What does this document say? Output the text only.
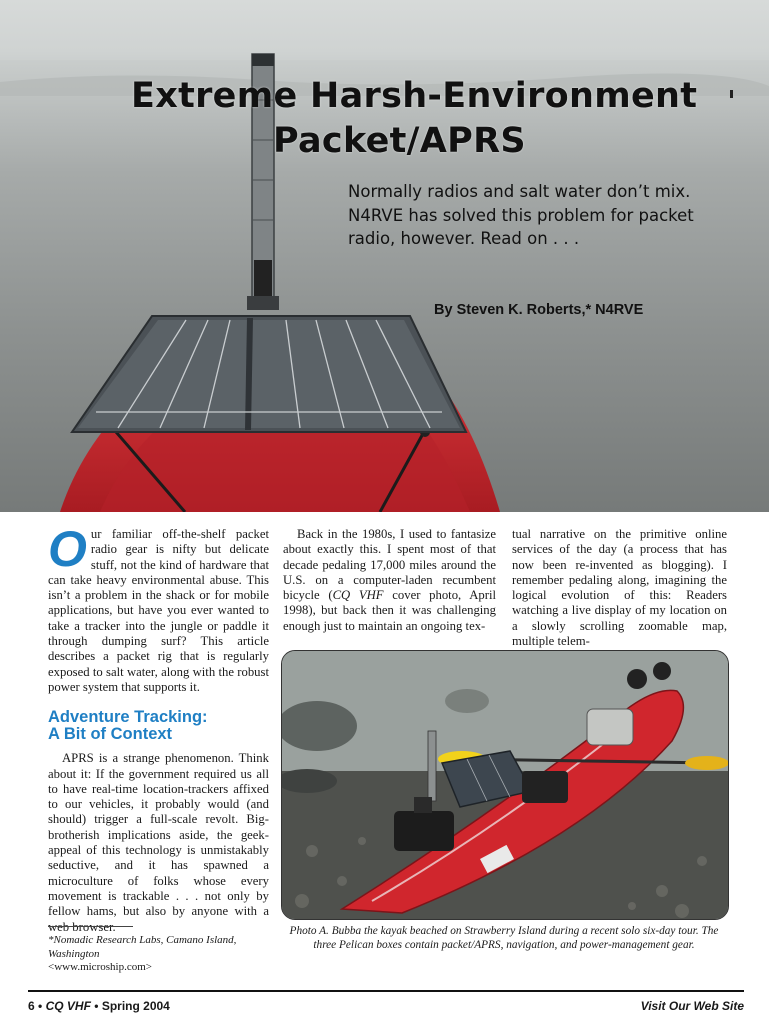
Extreme Harsh-Environment
Packet/APRS
Normally radios and salt water don’t mix.
N4RVE has solved this problem for packet
radio, however. Read on . . .
By Steven K. Roberts,* N4RVE

Our familiar off-the-shelf packet radio gear is nifty but delicate stuff, not the kind of hardware that can take heavy environmental abuse. This isn’t a problem in the shack or for mobile applications, but have you ever wanted to take a tracker into the jungle or paddle it through dumping surf? This article describes a packet rig that is regularly exposed to salt water, along with the robust power system that supports it.

Adventure Tracking:
A Bit of Context

APRS is a strange phenomenon. Think about it: If the government required us all to have real-time location-trackers affixed to our vehicles, it probably would (and should) trigger a full-scale revolt. Big-brotherish implications aside, the geek-appeal of this technology is unmistakably seductive, and it has spawned a microculture of folks whose every movement is trackable . . . not only by fellow hams, but also by anyone with a web browser.

Back in the 1980s, I used to fantasize about exactly this. I spent most of that decade pedaling 17,000 miles around the U.S. on a computer-laden recumbent bicycle (CQ VHF cover photo, April 1998), but back then it was challenging enough just to maintain an ongoing tex-

tual narrative on the primitive online services of the day (a process that has now been re-invented as blogging). I remember pedaling along, imagining the logical evolution of this: Readers watching a live display of my location on a slowly scrolling zoomable map, multiple telem-

Photo A. Bubba the kayak beached on Strawberry Island during a recent solo six-day tour. The three Pelican boxes contain packet/APRS, navigation, and power-management gear.
*Nomadic Research Labs, Camano Island, Washington
<www.microship.com>
6 • CQ VHF • Spring 2004	Visit Our Web Site
